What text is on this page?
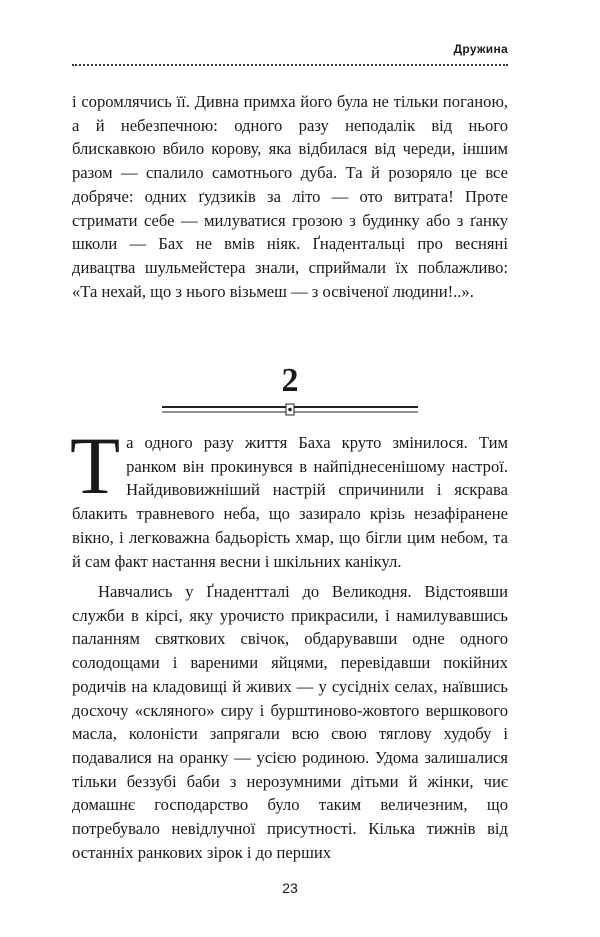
Дружина

і соромлячись її. Дивна примха його була не тільки поганою, а й небезпечною: одного разу неподалік від нього блискавкою вбило корову, яка відбилася від череди, іншим разом — спалило самотнього дуба. Та й розоряло це все добряче: одних ґудзиків за літо — ото витрата! Проте стримати себе — милуватися грозою з будинку або з ґанку школи — Бах не вмів ніяк. Ґнадентальці про весняні дивацтва шульмейстера знали, сприймали їх поблажливо: «Та нехай, що з нього візьмеш — з освіченої людини!..».

2

Та одного разу життя Баха круто змінилося. Тим ранком він прокинувся в найпіднесенішому настрої. Найдивовижніший настрій спричинили і яскрава блакить травневого неба, що зазирало крізь незафіранене вікно, і легковажна бадьорість хмар, що бігли цим небом, та й сам факт настання весни і шкільних канікул.

Навчались у Ґнадентталі до Великодня. Відстоявши служби в кірсі, яку урочисто прикрасили, і намилувавшись паланням святкових свічок, обдарувавши одне одного солодощами і вареними яйцями, перевідавши покійних родичів на кладовищі й живих — у сусідніх селах, наївшись досхочу «скляного» сиру і бурштиново-жовтого вершкового масла, колоністи запрягали всю свою тяглову худобу і подавалися на оранку — усією родиною. Удома залишалися тільки беззубі баби з нерозумними дітьми й жінки, чиє домашнє господарство було таким величезним, що потребувало невідлучної присутності. Кілька тижнів від останніх ранкових зірок і до перших

23
